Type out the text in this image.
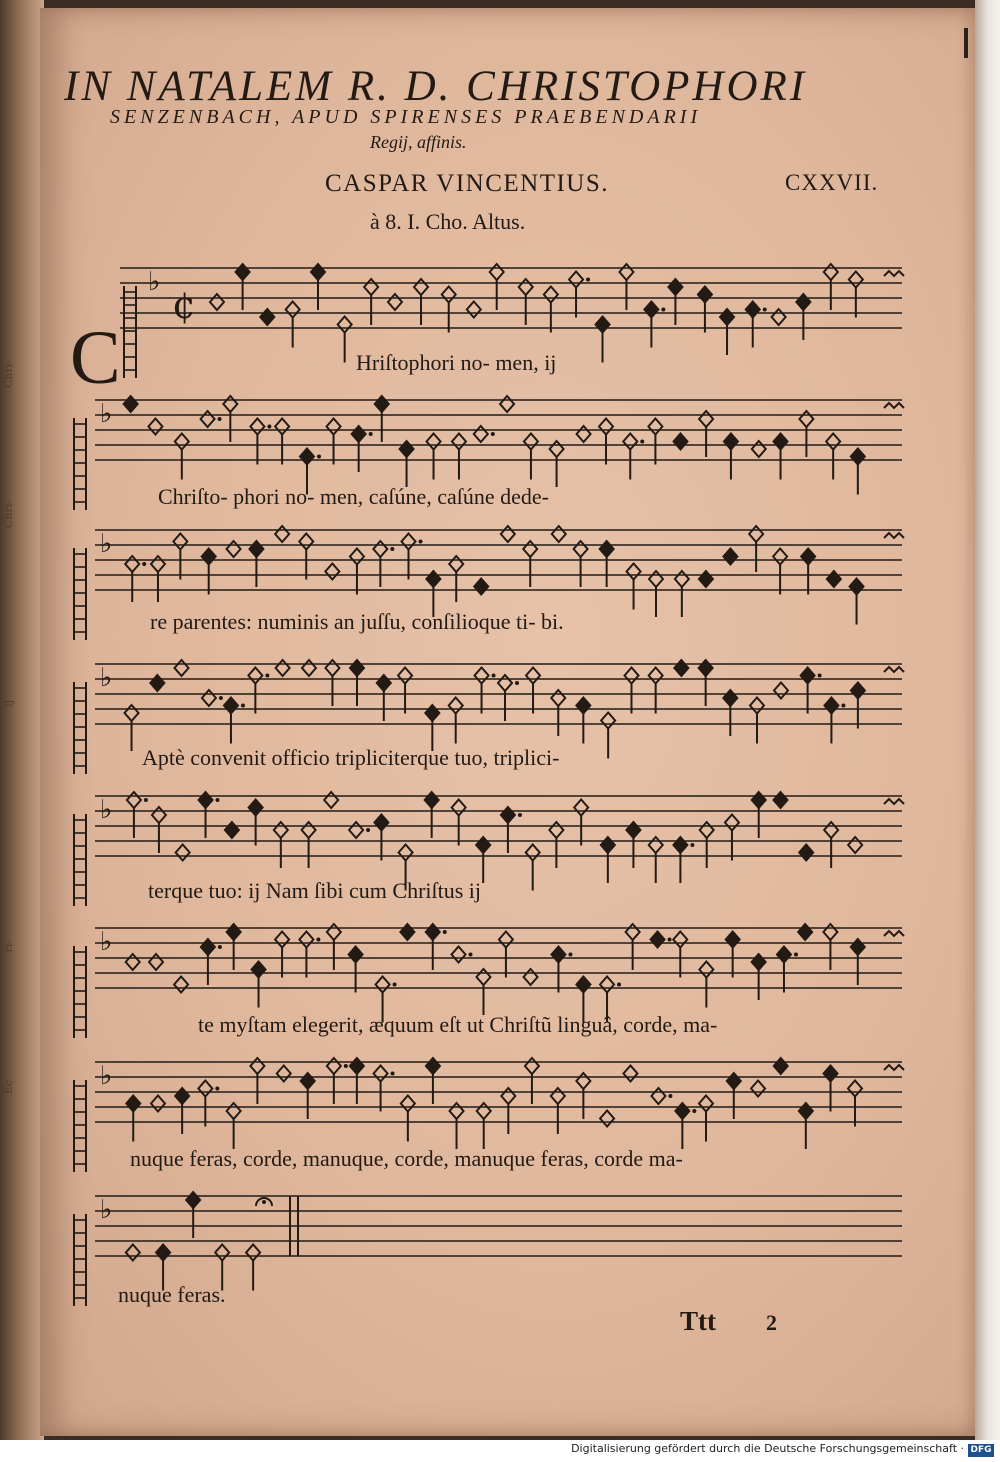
Chri-
Chri-
ij
ri-
Ec
IN NATALEM R. D. CHRISTOPHORI
SENZENBACH, APUD SPIRENSES PRAEBENDARII
Regij, affinis.
CASPAR VINCENTIUS.	CXXVII.
à 8. I. Cho. Altus.
♭
¢
♭
♭
♭
♭
♭
♭
♭
C	Hriſtophori no- men, ij
Chriſto- phori no- men, caſúne, caſúne dede-
re parentes: numinis an juſſu, conſilioque ti- bi.
Aptè convenit officio tripliciterque tuo, triplici-
terque tuo: ij Nam ſibi cum Chriſtus ij
te myſtam elegerit, æquum eſt ut Chriſtũ linguâ, corde, ma-
nuque feras, corde, manuque, corde, manuque feras, corde ma-
nuque feras.
Ttt 2
Digitalisierung gefördert durch die Deutsche Forschungsgemeinschaft · DFG
